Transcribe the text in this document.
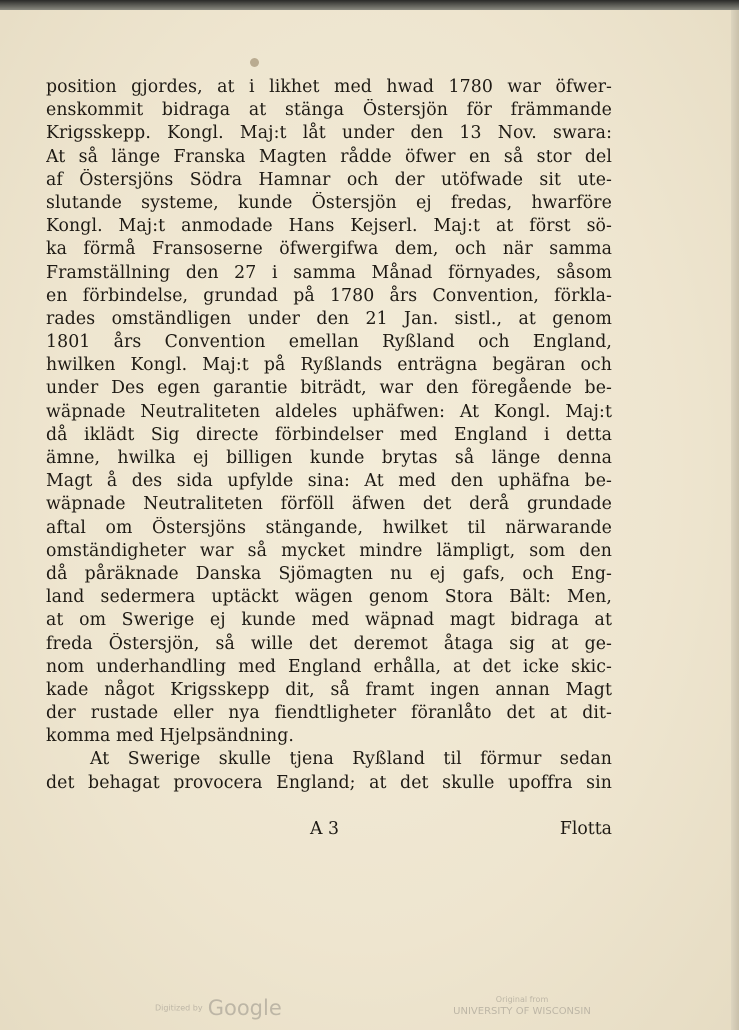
position gjordes, at i likhet med hwad 1780 war öfwer-
enskommit bidraga at stänga Östersjön för främmande
Krigsskepp. Kongl. Maj:t låt under den 13 Nov. swara:
At så länge Franska Magten rådde öfwer en så stor del
af Östersjöns Södra Hamnar och der utöfwade sit ute-
slutande systeme, kunde Östersjön ej fredas, hwarföre
Kongl. Maj:t anmodade Hans Kejserl. Maj:t at först sö-
ka förmå Fransoserne öfwergifwa dem, och när samma
Framställning den 27 i samma Månad förnyades, såsom
en förbindelse, grundad på 1780 års Convention, förkla-
rades omständligen under den 21 Jan. sistl., at genom
1801 års Convention emellan Ryßland och England,
hwilken Kongl. Maj:t på Ryßlands enträgna begäran och
under Des egen garantie biträdt, war den föregående be-
wäpnade Neutraliteten aldeles uphäfwen: At Kongl. Maj:t
då iklädt Sig directe förbindelser med England i detta
ämne, hwilka ej billigen kunde brytas så länge denna
Magt å des sida upfylde sina: At med den uphäfna be-
wäpnade Neutraliteten förföll äfwen det derå grundade
aftal om Östersjöns stängande, hwilket til närwarande
omständigheter war så mycket mindre lämpligt, som den
då påräknade Danska Sjömagten nu ej gafs, och Eng-
land sedermera uptäckt wägen genom Stora Bält: Men,
at om Swerige ej kunde med wäpnad magt bidraga at
freda Östersjön, så wille det deremot åtaga sig at ge-
nom underhandling med England erhålla, at det icke skic-
kade något Krigsskepp dit, så framt ingen annan Magt
der rustade eller nya fiendtligheter föranlåto det at dit-
komma med Hjelpsändning.
At Swerige skulle tjena Ryßland til förmur sedan
det behagat provocera England; at det skulle upoffra sin
A 3	Flotta
Digitized by Google	Original from
UNIVERSITY OF WISCONSIN
